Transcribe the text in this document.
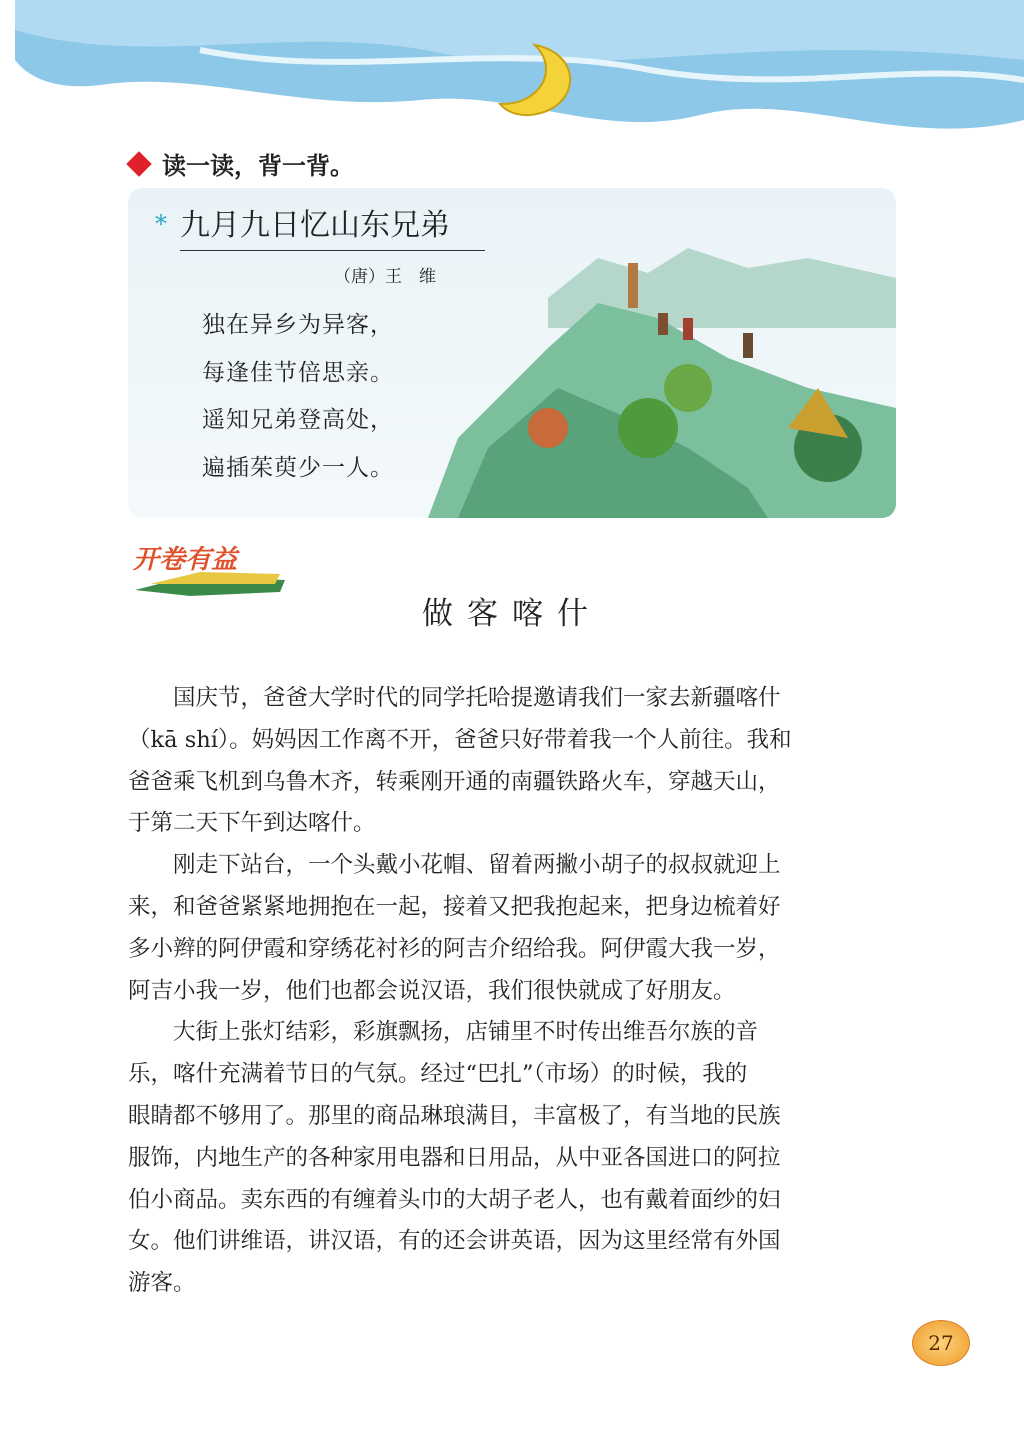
读一读，背一背。
* 九月九日忆山东兄弟
（唐）王　维
独在异乡为异客，
每逢佳节倍思亲。
遥知兄弟登高处，
遍插茱萸少一人。
开卷有益
做客喀什
　　国庆节，爸爸大学时代的同学托哈提邀请我们一家去新疆喀什
（kā shí）。妈妈因工作离不开，爸爸只好带着我一个人前往。我和
爸爸乘飞机到乌鲁木齐，转乘刚开通的南疆铁路火车，穿越天山，
于第二天下午到达喀什。
　　刚走下站台，一个头戴小花帽、留着两撇小胡子的叔叔就迎上
来，和爸爸紧紧地拥抱在一起，接着又把我抱起来，把身边梳着好
多小辫的阿伊霞和穿绣花衬衫的阿吉介绍给我。阿伊霞大我一岁，
阿吉小我一岁，他们也都会说汉语，我们很快就成了好朋友。
　　大街上张灯结彩，彩旗飘扬，店铺里不时传出维吾尔族的音
乐，喀什充满着节日的气氛。经过“巴扎”（市场）的时候，我的
眼睛都不够用了。那里的商品琳琅满目，丰富极了，有当地的民族
服饰，内地生产的各种家用电器和日用品，从中亚各国进口的阿拉
伯小商品。卖东西的有缠着头巾的大胡子老人，也有戴着面纱的妇
女。他们讲维语，讲汉语，有的还会讲英语，因为这里经常有外国
游客。
27
